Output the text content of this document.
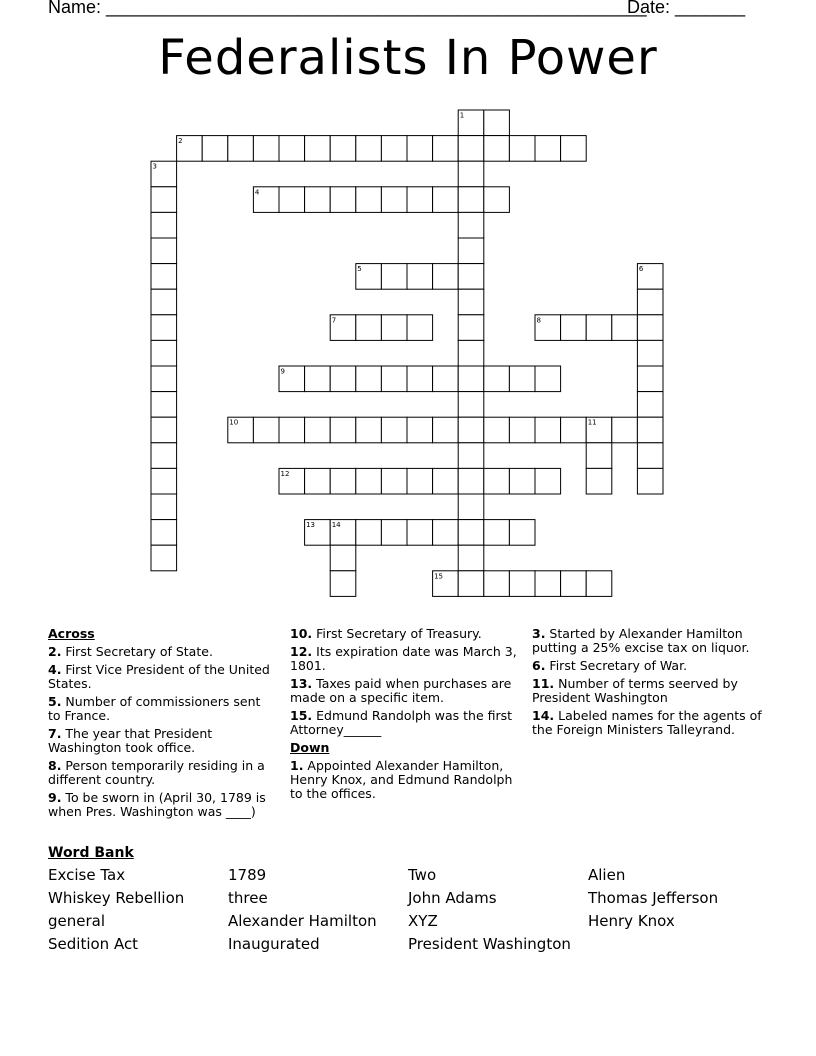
Name: ______________________________________________________
Date: _______
Federalists In Power
1
2
3
4
5	6
7	8
9
10	11
12
13 14
15
Across
2. First Secretary of State.
4. First Vice President of the United States.
5. Number of commissioners sent to France.
7. The year that President Washington took office.
8. Person temporarily residing in a different country.
9. To be sworn in (April 30, 1789 is when Pres. Washington was ____)
10. First Secretary of Treasury.
12. Its expiration date was March 3, 1801.
13. Taxes paid when purchases are made on a specific item.
15. Edmund Randolph was the first Attorney______
Down
1. Appointed Alexander Hamilton, Henry Knox, and Edmund Randolph to the offices.
3. Started by Alexander Hamilton putting a 25% excise tax on liquor.
6. First Secretary of War.
11. Number of terms seerved by President Washington
14. Labeled names for the agents of the Foreign Ministers Talleyrand.
Word Bank
Excise Tax	1789	Two	Alien
Whiskey Rebellion	three	John Adams	Thomas Jefferson
general	Alexander Hamilton	XYZ	Henry Knox
Sedition Act	Inaugurated	President Washington
